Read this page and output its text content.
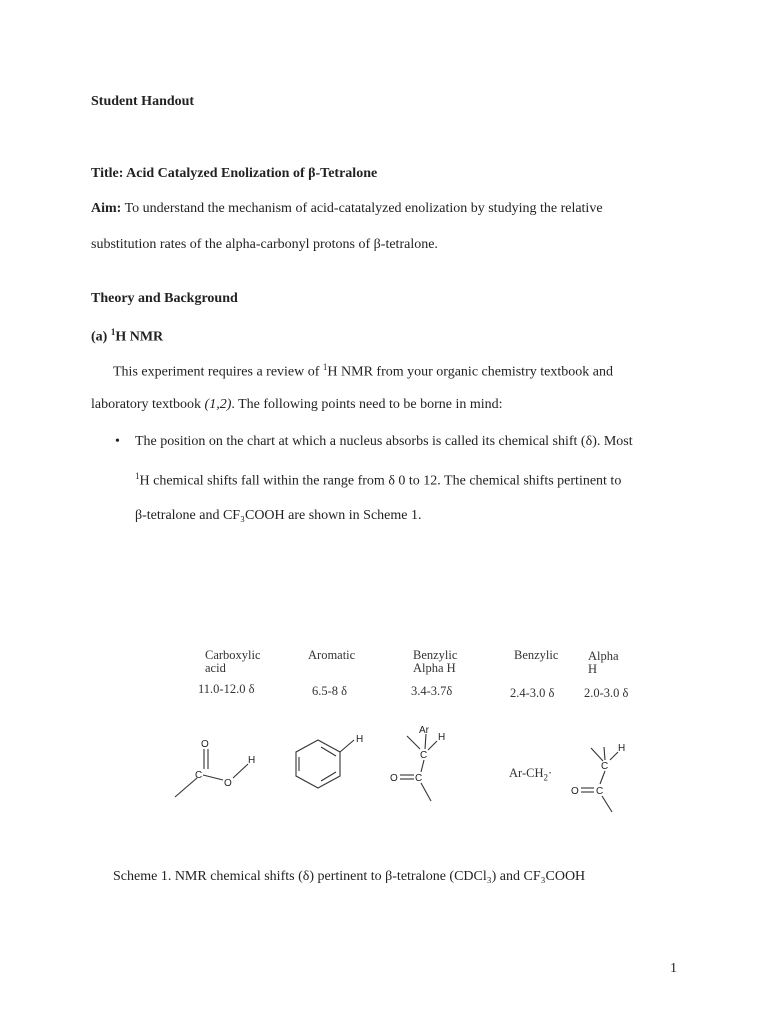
Student Handout
Title: Acid Catalyzed Enolization of β-Tetralone
Aim: To understand the mechanism of acid-catatalyzed enolization by studying the relative
substitution rates of the alpha-carbonyl protons of β-tetralone.
Theory and Background
(a) $^1$H NMR
This experiment requires a review of $^1$H NMR from your organic chemistry textbook and
laboratory textbook (1,2). The following points need to be borne in mind:
• The position on the chart at which a nucleus absorbs is called its chemical shift (δ). Most
$^1$H chemical shifts fall within the range from δ 0 to 12. The chemical shifts pertinent to
β-tetralone and CF₃COOH are shown in Scheme 1.
Carboxylic
acid
11.0-12.0 δ
Aromatic
6.5-8 δ
Benzylic
Alpha H
3.4-3.7δ
Benzylic
2.4-3.0 δ
Alpha
H
2.0-3.0 δ
O
C
O
H
H
Ar
H
C
O C
C
H
O C
$Ar-CH_2\cdot$
Scheme 1. NMR chemical shifts (δ) pertinent to β-tetralone (CDCl₃) and CF₃COOH
1
